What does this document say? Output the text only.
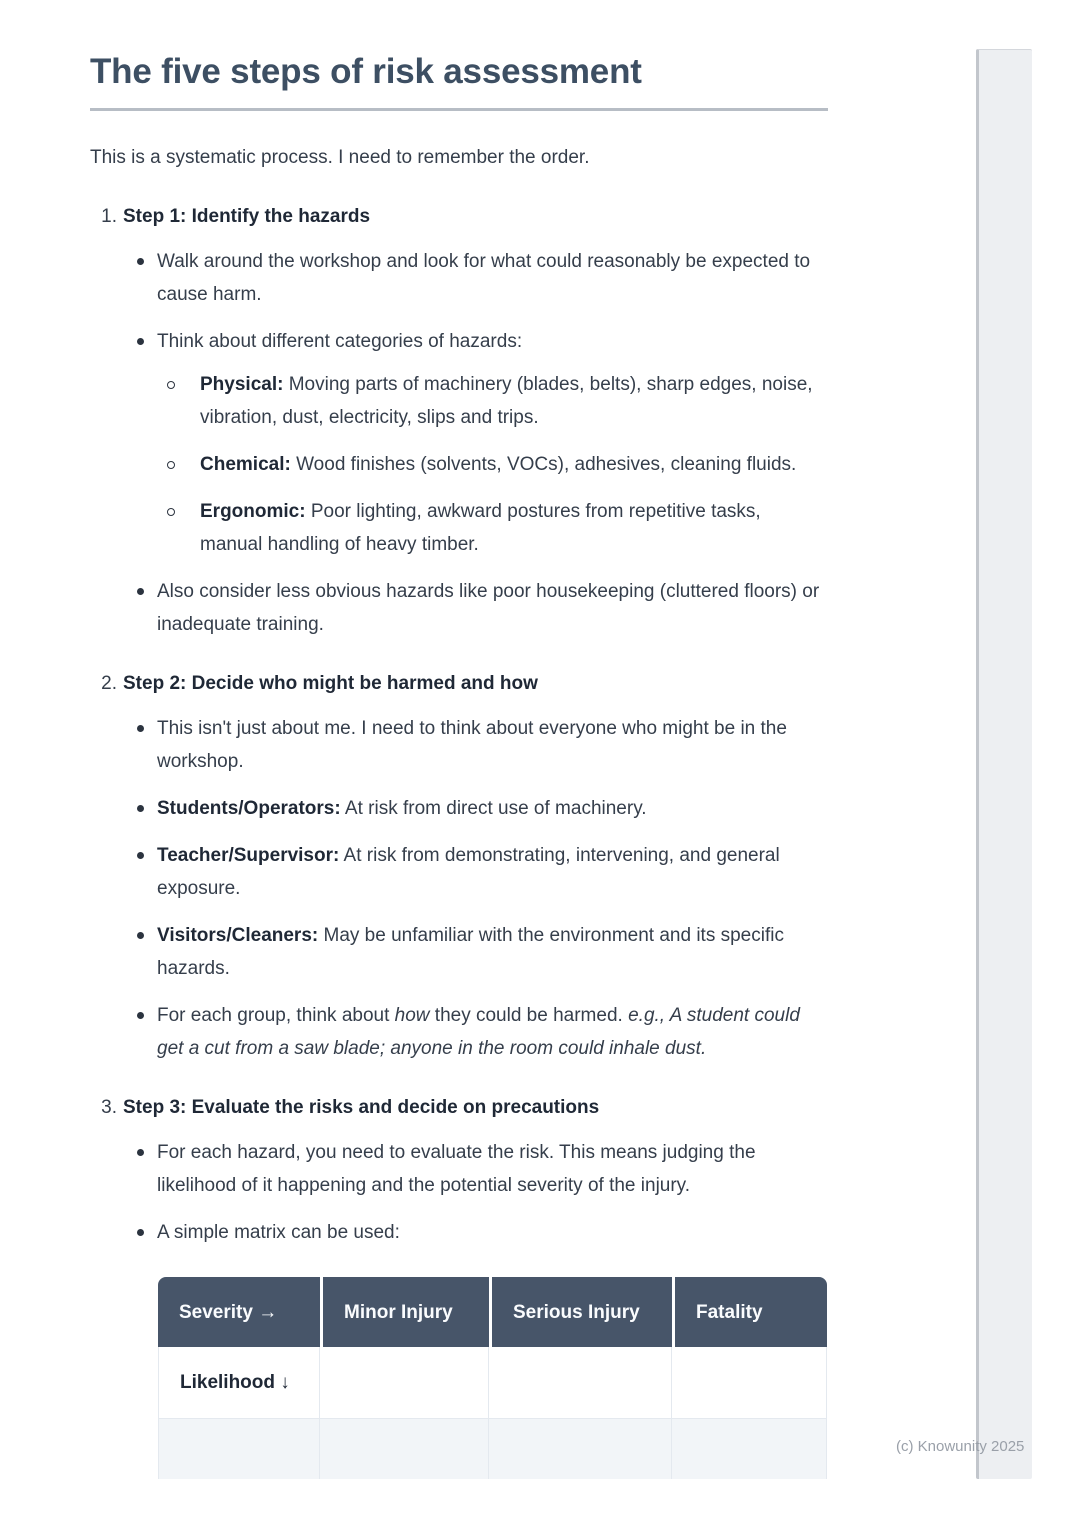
The five steps of risk assessment

This is a systematic process. I need to remember the order.

1. Step 1: Identify the hazards
Walk around the workshop and look for what could reasonably be expected to cause harm.
Think about different categories of hazards:
Physical: Moving parts of machinery (blades, belts), sharp edges, noise, vibration, dust, electricity, slips and trips.
Chemical: Wood finishes (solvents, VOCs), adhesives, cleaning fluids.
Ergonomic: Poor lighting, awkward postures from repetitive tasks, manual handling of heavy timber.
Also consider less obvious hazards like poor housekeeping (cluttered floors) or inadequate training.
2. Step 2: Decide who might be harmed and how
This isn't just about me. I need to think about everyone who might be in the workshop.
Students/Operators: At risk from direct use of machinery.
Teacher/Supervisor: At risk from demonstrating, intervening, and general exposure.
Visitors/Cleaners: May be unfamiliar with the environment and its specific hazards.
For each group, think about how they could be harmed. e.g., A student could get a cut from a saw blade; anyone in the room could inhale dust.
3. Step 3: Evaluate the risks and decide on precautions
For each hazard, you need to evaluate the risk. This means judging the likelihood of it happening and the potential severity of the injury.
A simple matrix can be used:
Severity →	Minor Injury	Serious Injury	Fatality
Likelihood ↓			

(c) Knowunity 2025
